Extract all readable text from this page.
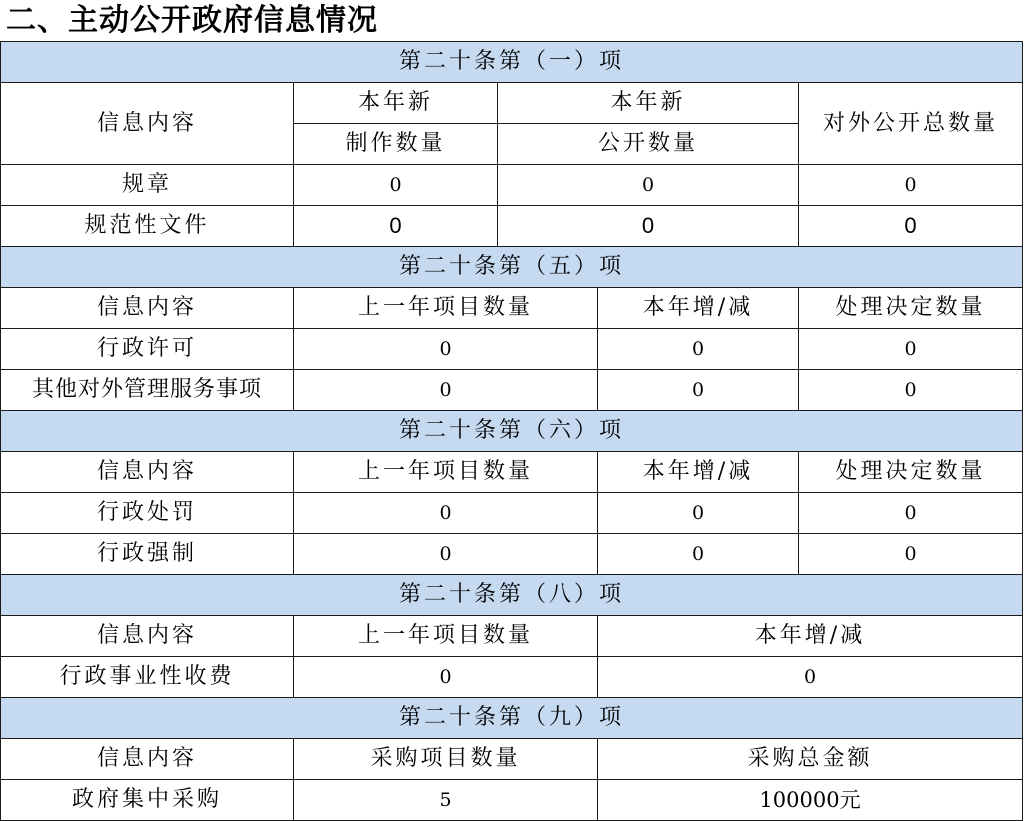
二、主动公开政府信息情况
第二十条第（一）项				
信息内容	本年新	本年新		对外公开总数量
	制作数量	公开数量		
规章	0	0		0
规范性文件	0	0		0
第二十条第（五）项				
信息内容	上一年项目数量		本年增/减	处理决定数量
行政许可	0		0	0
其他对外管理服务事项	0		0	0
第二十条第（六）项				
信息内容	上一年项目数量		本年增/减	处理决定数量
行政处罚	0		0	0
行政强制	0		0	0
第二十条第（八）项				
信息内容	上一年项目数量		本年增/减	
行政事业性收费	0		0	
第二十条第（九）项				
信息内容	采购项目数量		采购总金额	
政府集中采购	5		100000元	
